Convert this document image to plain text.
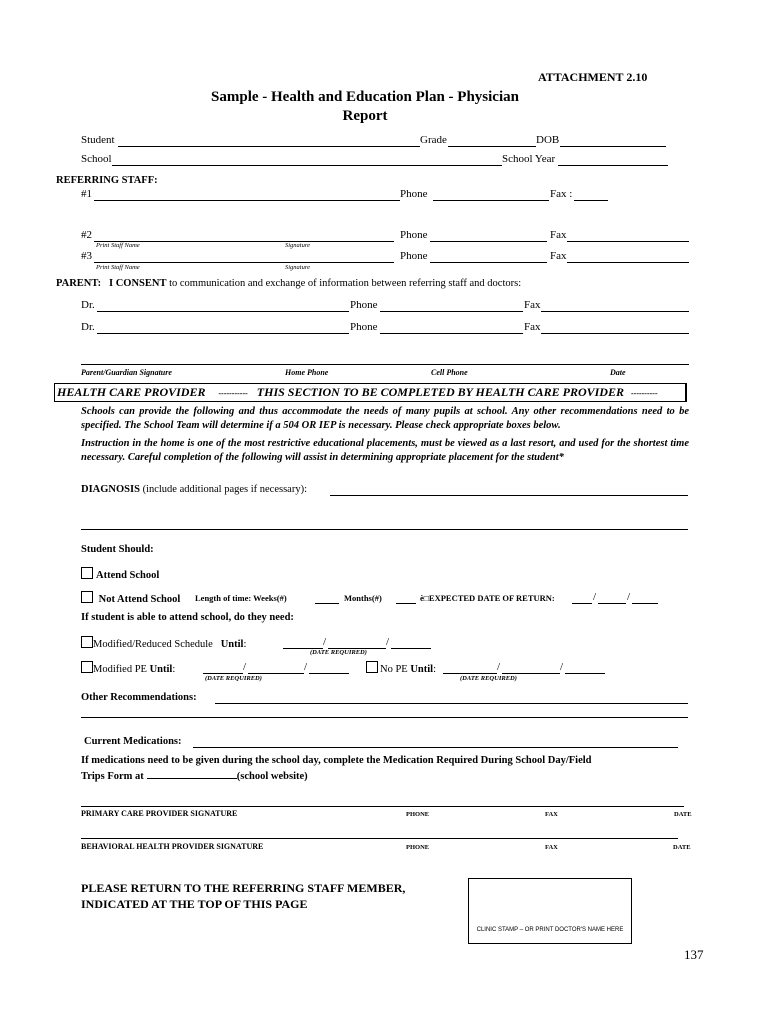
ATTACHMENT 2.10
Sample - Health and Education Plan - Physician
Report
Student	Grade	DOB
School	School Year
REFERRING STAFF:
#1	Phone	Fax :
#2	Phone	Fax
Print Staff Name	Signature
#3	Phone	Fax
Print Staff Name	Signature
PARENT: I CONSENT to communication and exchange of information between referring staff and doctors:
Dr.	Phone	Fax
Dr.	Phone	Fax
Parent/Guardian Signature	Home Phone	Cell Phone	Date
HEALTH CARE PROVIDER ----------- THIS SECTION TO BE COMPLETED BY HEALTH CARE PROVIDER ----------
Schools can provide the following and thus accommodate the needs of many pupils at school. Any other recommendations need to be specified. The School Team will determine if a 504 OR IEP is necessary. Please check appropriate boxes below.
Instruction in the home is one of the most restrictive educational placements, must be viewed as a last resort, and used for the shortest time necessary. Careful completion of the following will assist in determining appropriate placement for the student*
DIAGNOSIS (include additional pages if necessary):
Student Should:
Attend School
Not Attend School Length of time: Weeks(#)	Months(#)	è□EXPECTED DATE OF RETURN:	/	/
If student is able to attend school, do they need:
Modified/Reduced Schedule Until:	/	/
(DATE REQUIRED)
Modified PE Until:	/	/
(DATE REQUIRED)
No PE Until:	/	/
(DATE REQUIRED)
Other Recommendations:
Current Medications:
If medications need to be given during the school day, complete the Medication Required During School Day/Field
Trips Form at	(school website)
PRIMARY CARE PROVIDER SIGNATURE	PHONE	FAX	DATE
BEHAVIORAL HEALTH PROVIDER SIGNATURE	PHONE	FAX	DATE
PLEASE RETURN TO THE REFERRING STAFF MEMBER,
INDICATED AT THE TOP OF THIS PAGE
CLINIC STAMP – OR PRINT DOCTOR'S NAME HERE
137
